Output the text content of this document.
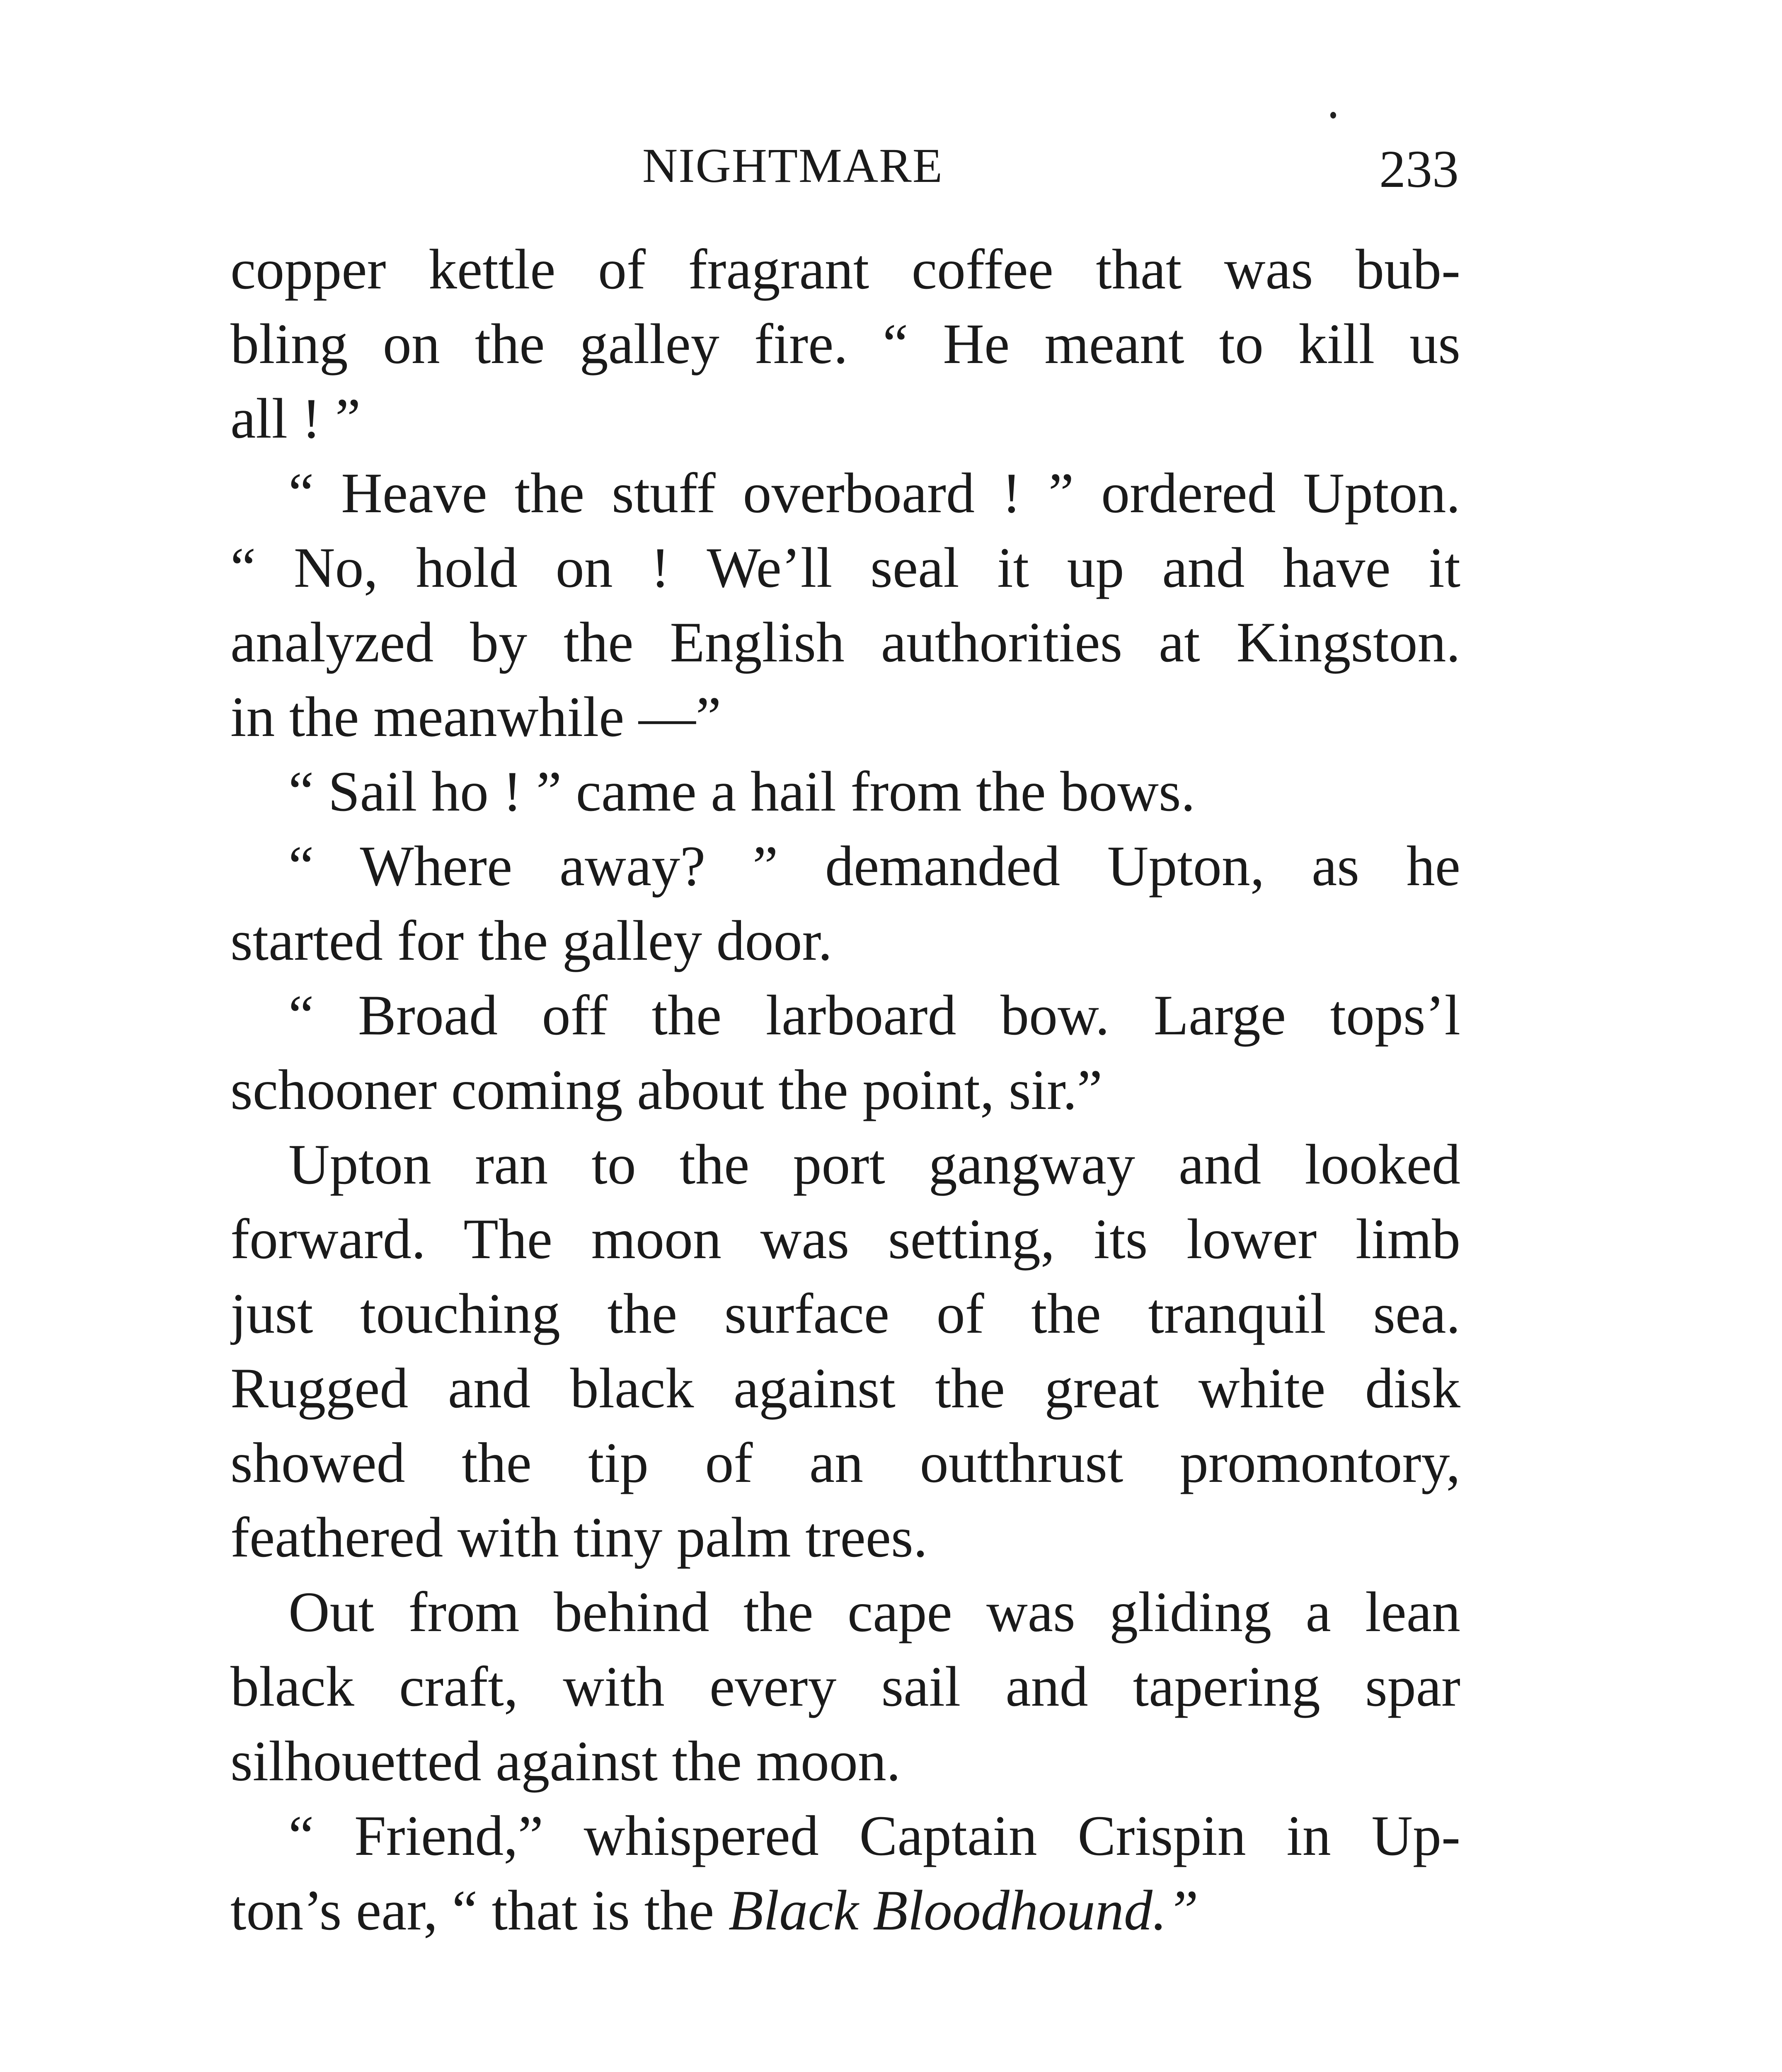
NIGHTMARE	233
copper kettle of fragrant coffee that was bub-
bling on the galley fire. “ He meant to kill us
all ! ”
“ Heave the stuff overboard ! ” ordered Upton.
“ No, hold on ! We’ll seal it up and have it
analyzed by the English authorities at Kingston.
in the meanwhile —”
“ Sail ho ! ” came a hail from the bows.
“ Where away? ” demanded Upton, as he
started for the galley door.
“ Broad off the larboard bow. Large tops’l
schooner coming about the point, sir.”
Upton ran to the port gangway and looked
forward. The moon was setting, its lower limb
just touching the surface of the tranquil sea.
Rugged and black against the great white disk
showed the tip of an outthrust promontory,
feathered with tiny palm trees.
Out from behind the cape was gliding a lean
black craft, with every sail and tapering spar
silhouetted against the moon.
“ Friend,” whispered Captain Crispin in Up-
ton’s ear, “ that is the Black Bloodhound.”
